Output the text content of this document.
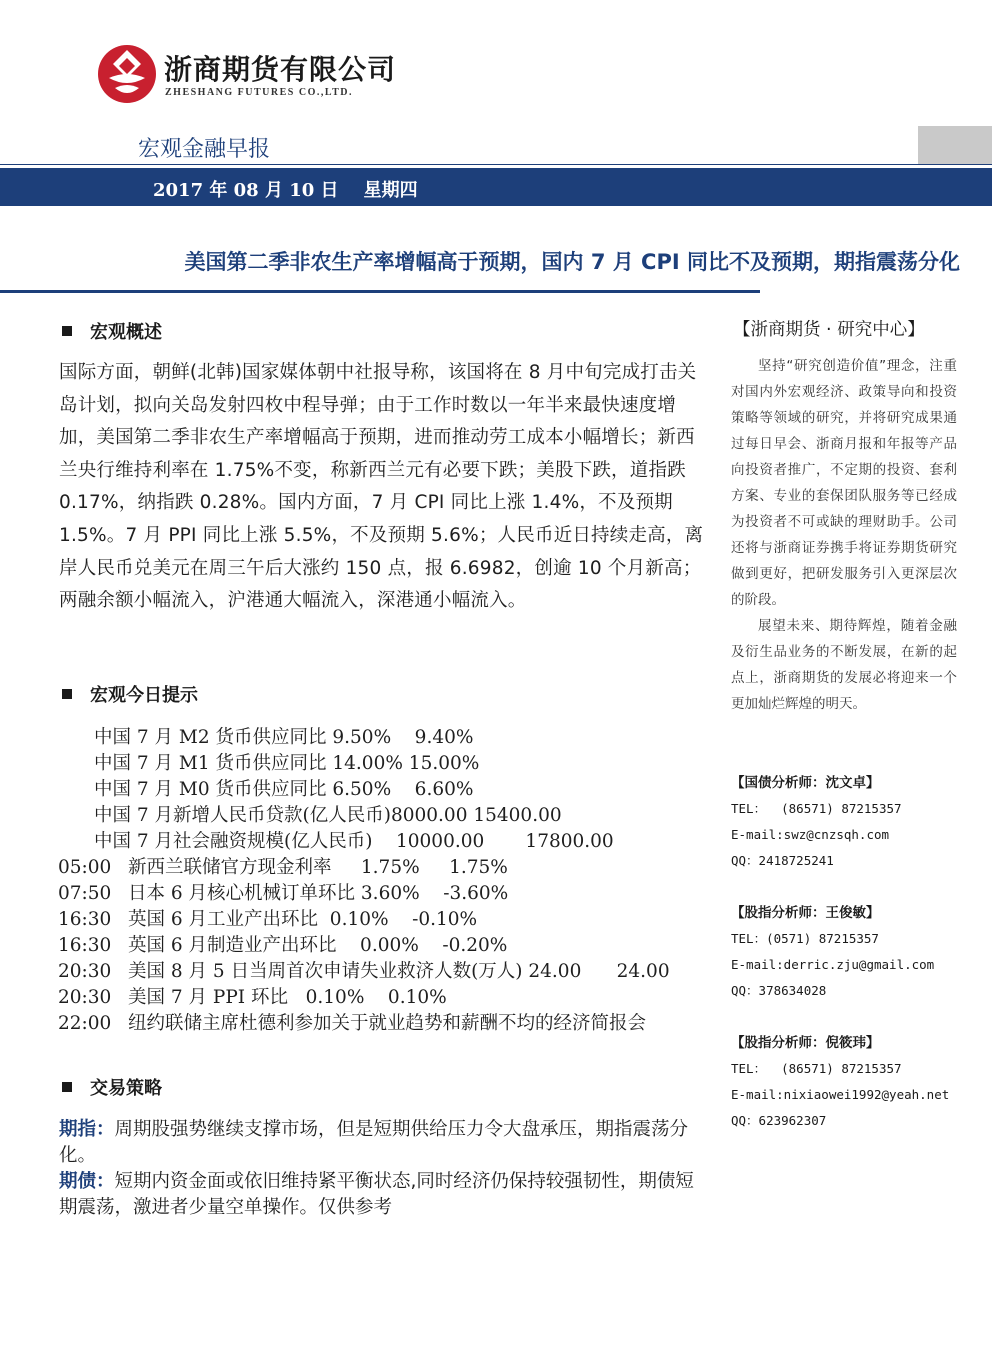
浙商期货有限公司
ZHESHANG FUTURES CO.,LTD.
宏观金融早报
2017 年 08 月 10 日    星期四
美国第二季非农生产率增幅高于预期，国内 7 月 CPI 同比不及预期，期指震荡分化
宏观概述
国际方面，朝鲜(北韩)国家媒体朝中社报导称，该国将在 8 月中旬完成打击关岛计划，拟向关岛发射四枚中程导弹；由于工作时数以一年半来最快速度增加，美国第二季非农生产率增幅高于预期，进而推动劳工成本小幅增长；新西兰央行维持利率在 1.75%不变，称新西兰元有必要下跌；美股下跌，道指跌 0.17%，纳指跌 0.28%。国内方面，7 月 CPI 同比上涨 1.4%，不及预期 1.5%。7 月 PPI 同比上涨 5.5%，不及预期 5.6%；人民币近日持续走高，离岸人民币兑美元在周三午后大涨约 150 点，报 6.6982，创逾 10 个月新高；两融余额小幅流入，沪港通大幅流入，深港通小幅流入。
宏观今日提示
中国 7 月 M2 货币供应同比 9.50%    9.40%
中国 7 月 M1 货币供应同比 14.00% 15.00%
中国 7 月 M0 货币供应同比 6.50%    6.60%
中国 7 月新增人民币贷款(亿人民币)8000.00 15400.00
中国 7 月社会融资规模(亿人民币)    10000.00       17800.00
05:00 新西兰联储官方现金利率     1.75%     1.75%
07:50 日本 6 月核心机械订单环比 3.60%    -3.60%
16:30 英国 6 月工业产出环比  0.10%    -0.10%
16:30 英国 6 月制造业产出环比    0.00%    -0.20%
20:30 美国 8 月 5 日当周首次申请失业救济人数(万人) 24.00      24.00
20:30 美国 7 月 PPI 环比   0.10%    0.10%
22:00 纽约联储主席杜德利参加关于就业趋势和薪酬不均的经济简报会
交易策略
期指：周期股强势继续支撑市场，但是短期供给压力令大盘承压，期指震荡分化。
期债：短期内资金面或依旧维持紧平衡状态,同时经济仍保持较强韧性，期债短期震荡，激进者少量空单操作。仅供参考
【浙商期货 · 研究中心】
坚持“研究创造价值”理念，注重对国内外宏观经济、政策导向和投资策略等领域的研究，并将研究成果通过每日早会、浙商月报和年报等产品向投资者推广，不定期的投资、套利方案、专业的套保团队服务等已经成为投资者不可或缺的理财助手。公司还将与浙商证券携手将证券期货研究做到更好，把研发服务引入更深层次的阶段。
展望未来、期待辉煌，随着金融及衍生品业务的不断发展，在新的起点上，浙商期货的发展必将迎来一个更加灿烂辉煌的明天。
【国债分析师：沈文卓】
TEL：  (86571) 87215357
E-mail:swz@cnzsqh.com
QQ：2418725241
【股指分析师：王俊敏】
TEL：(0571) 87215357
E-mail:derric.zju@gmail.com
QQ：378634028
【股指分析师：倪筱玮】
TEL：  (86571) 87215357
E-mail:nixiaowei1992@yeah.net
QQ：623962307
